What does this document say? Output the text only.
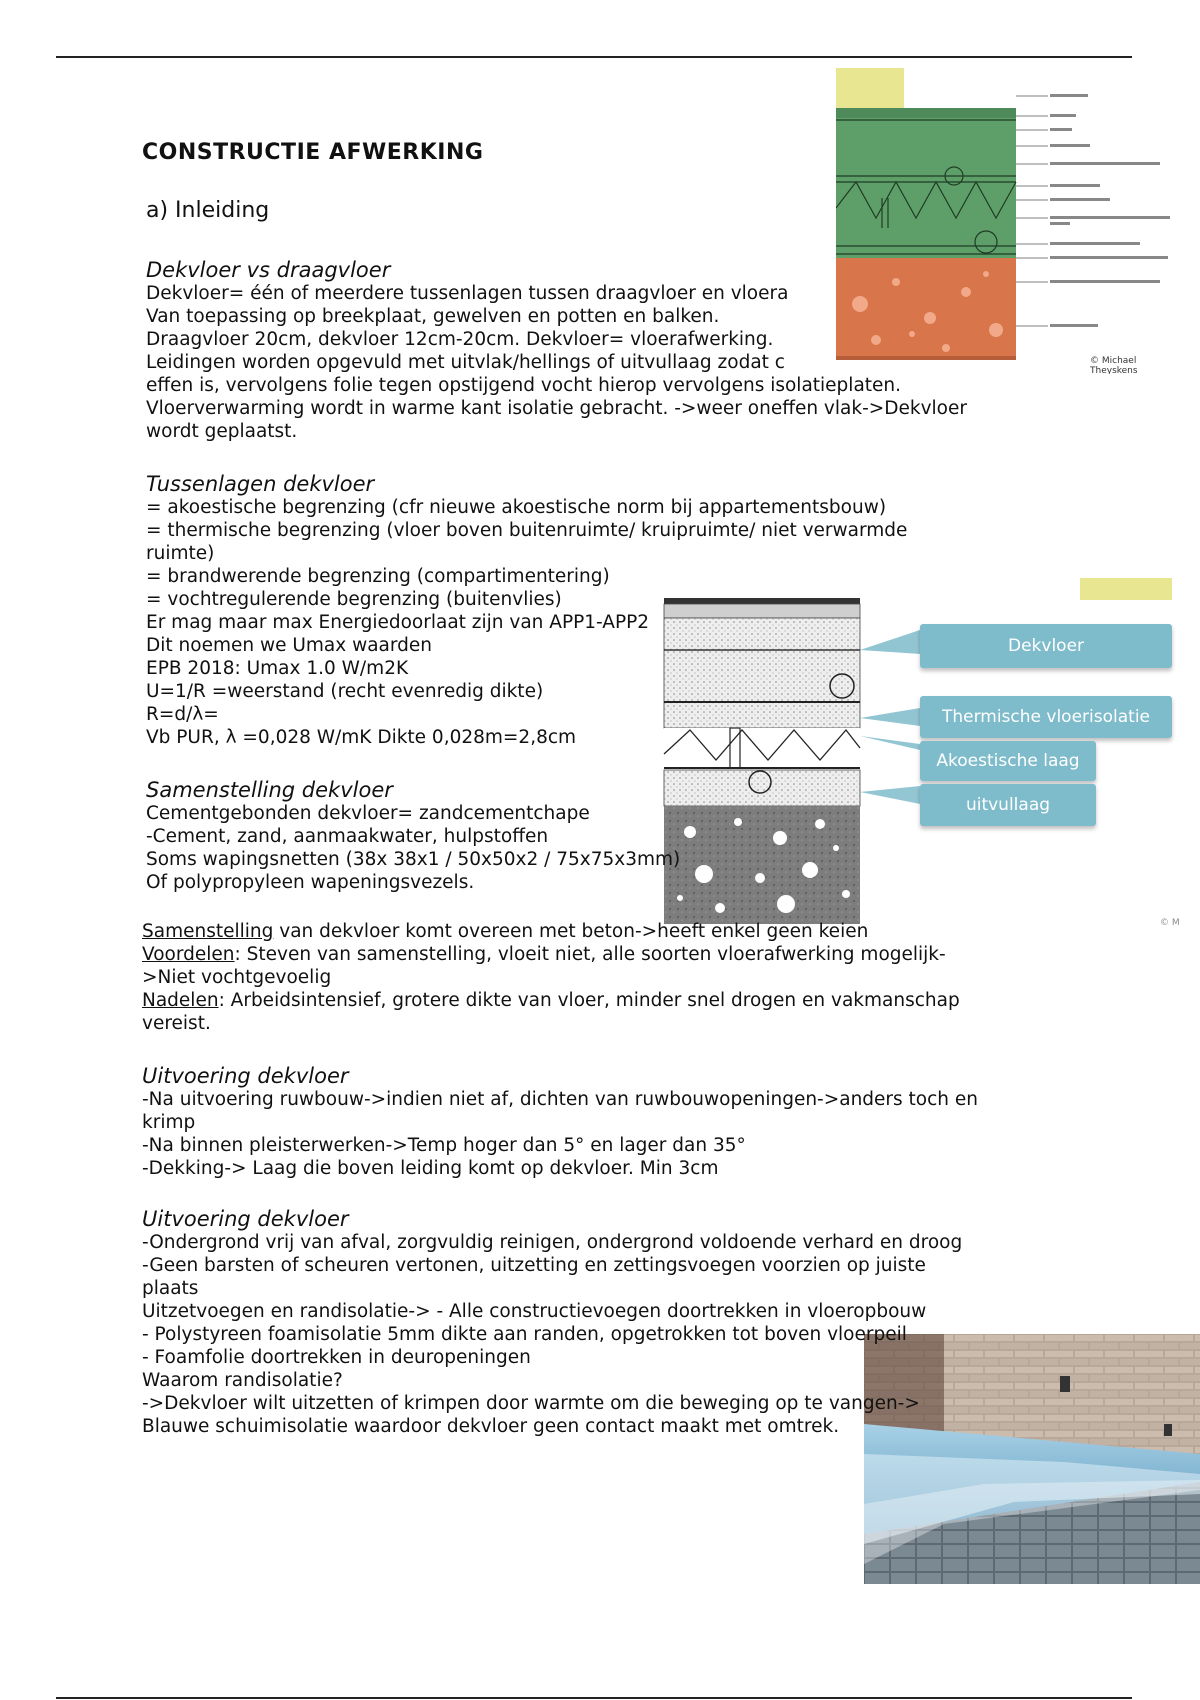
© Michael Theyskens
Dekvloer
Thermische vloerisolatie
Akoestische laag
uitvullaag
© M
CONSTRUCTIE AFWERKING
a) Inleiding
Dekvloer vs draagvloer
Dekvloer= één of meerdere tussenlagen tussen draagvloer en vloera
Van toepassing op breekplaat, gewelven en potten en balken.
Draagvloer 20cm, dekvloer 12cm-20cm. Dekvloer= vloerafwerking.
Leidingen worden opgevuld met uitvlak/hellings of uitvullaag zodat c
effen is, vervolgens folie tegen opstijgend vocht hierop vervolgens isolatieplaten.
Vloerverwarming wordt in warme kant isolatie gebracht. ->weer oneffen vlak->Dekvloer
wordt geplaatst.
Tussenlagen dekvloer
= akoestische begrenzing (cfr nieuwe akoestische norm bij appartementsbouw)
= thermische begrenzing (vloer boven buitenruimte/ kruipruimte/ niet verwarmde
ruimte)
= brandwerende begrenzing (compartimentering)
= vochtregulerende begrenzing (buitenvlies)
Er mag maar max Energiedoorlaat zijn van APP1-APP2
Dit noemen we Umax waarden
EPB 2018: Umax 1.0 W/m2K
U=1/R =weerstand (recht evenredig dikte)
R=d/λ=
Vb PUR, λ =0,028 W/mK Dikte 0,028m=2,8cm
Samenstelling dekvloer
Cementgebonden dekvloer= zandcementchape
-Cement, zand, aanmaakwater, hulpstoffen
Soms wapingsnetten (38x 38x1 / 50x50x2 / 75x75x3mm)
Of polypropyleen wapeningsvezels.
Samenstelling van dekvloer komt overeen met beton->heeft enkel geen keien
Voordelen: Steven van samenstelling, vloeit niet, alle soorten vloerafwerking mogelijk-
>Niet vochtgevoelig
Nadelen: Arbeidsintensief, grotere dikte van vloer, minder snel drogen en vakmanschap
vereist.
Uitvoering dekvloer
-Na uitvoering ruwbouw->indien niet af, dichten van ruwbouwopeningen->anders toch en
krimp
-Na binnen pleisterwerken->Temp hoger dan 5° en lager dan 35°
-Dekking-> Laag die boven leiding komt op dekvloer. Min 3cm
Uitvoering dekvloer
-Ondergrond vrij van afval, zorgvuldig reinigen, ondergrond voldoende verhard en droog
-Geen barsten of scheuren vertonen, uitzetting en zettingsvoegen voorzien op juiste
plaats
Uitzetvoegen en randisolatie-> - Alle constructievoegen doortrekken in vloeropbouw
- Polystyreen foamisolatie 5mm dikte aan randen, opgetrokken tot boven vloerpeil
- Foamfolie doortrekken in deuropeningen
Waarom randisolatie?
->Dekvloer wilt uitzetten of krimpen door warmte om die beweging op te vangen->
Blauwe schuimisolatie waardoor dekvloer geen contact maakt met omtrek.
